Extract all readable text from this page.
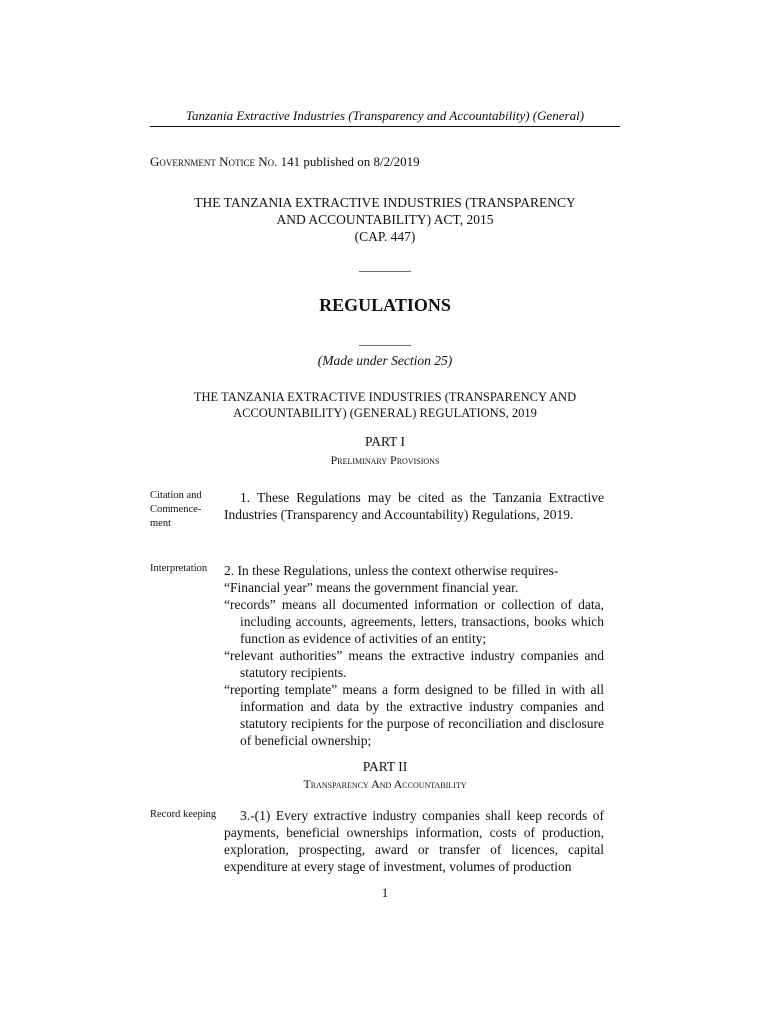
Tanzania Extractive Industries (Transparency and Accountability) (General)
Government Notice No. 141 published on 8/2/2019
THE TANZANIA EXTRACTIVE INDUSTRIES (TRANSPARENCY
AND ACCOUNTABILITY) ACT, 2015
(CAP. 447)
________
REGULATIONS
________
(Made under Section 25)
THE TANZANIA EXTRACTIVE INDUSTRIES (TRANSPARENCY AND
ACCOUNTABILITY) (GENERAL) REGULATIONS, 2019
PART I
Preliminary Provisions
Citation and Commence-ment

1. These Regulations may be cited as the Tanzania Extractive Industries (Transparency and Accountability) Regulations, 2019.

Interpretation	2. In these Regulations, unless the context otherwise requires-

“Financial year” means the government financial year.

“records” means all documented information or collection of data, including accounts, agreements, letters, transactions, books which function as evidence of activities of an entity;

“relevant authorities” means the extractive industry companies and statutory recipients.

“reporting template” means a form designed to be filled in with all information and data by the extractive industry companies and statutory recipients for the purpose of reconciliation and disclosure of beneficial ownership;

PART II
Transparency And Accountability
Record keeping	3.-(1) Every extractive industry companies shall keep records of payments, beneficial ownerships information, costs of production, exploration, prospecting, award or transfer of licences, capital expenditure at every stage of investment, volumes of production

1
